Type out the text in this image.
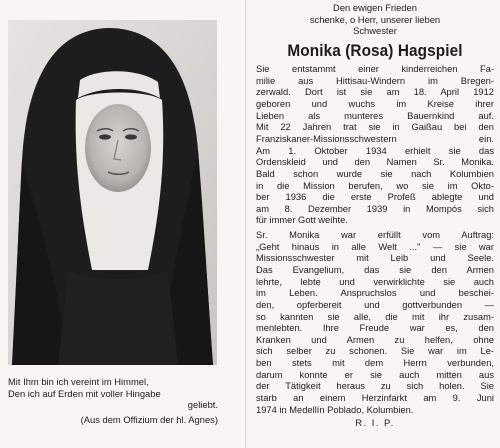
Mit Ihm bin ich vereint im Himmel,
Den ich auf Erden mit voller Hingabe
geliebt.
(Aus dem Offizium der hl. Agnes)
Den ewigen Frieden
schenke, o Herr, unserer lieben
Schwester
Monika (Rosa) Hagspiel
Sie entstammt einer kinderreichen Fa-
milie aus Hittisau-Windern im Bregen-
zerwald. Dort ist sie am 18. April 1912
geboren und wuchs im Kreise ihrer
Lieben als munteres Bauernkind auf.
Mit 22 Jahren trat sie in Gaißau bei den
Franziskaner-Missionsschwestern ein.
Am 1. Oktober 1934 erhielt sie das
Ordenskleid und den Namen Sr. Monika.
Bald schon wurde sie nach Kolumbien
in die Mission berufen, wo sie im Okto-
ber 1936 die erste Profeß ablegte und
am 8. Dezember 1939 in Mompós sich
für immer Gott weihte.
Sr. Monika war erfüllt vom Auftrag:
„Geht hinaus in alle Welt ..." — sie war
Missionsschwester mit Leib und Seele.
Das Evangelium, das sie den Armen
lehrte, lebte und verwirklichte sie auch
im Leben. Anspruchslos und beschei-
den, opferbereit und gottverbunden —
so kannten sie alle, die mit ihr zusam-
menlebten. Ihre Freude war es, den
Kranken und Armen zu helfen, ohne
sich selber zu schonen. Sie war im Le-
ben stets mit dem Herrn verbunden,
darum konnte er sie auch mitten aus
der Tätigkeit heraus zu sich holen. Sie
starb an einem Herzinfarkt am 9. Juni
1974 in Medellín Poblado, Kolumbien.
R. I. P.
